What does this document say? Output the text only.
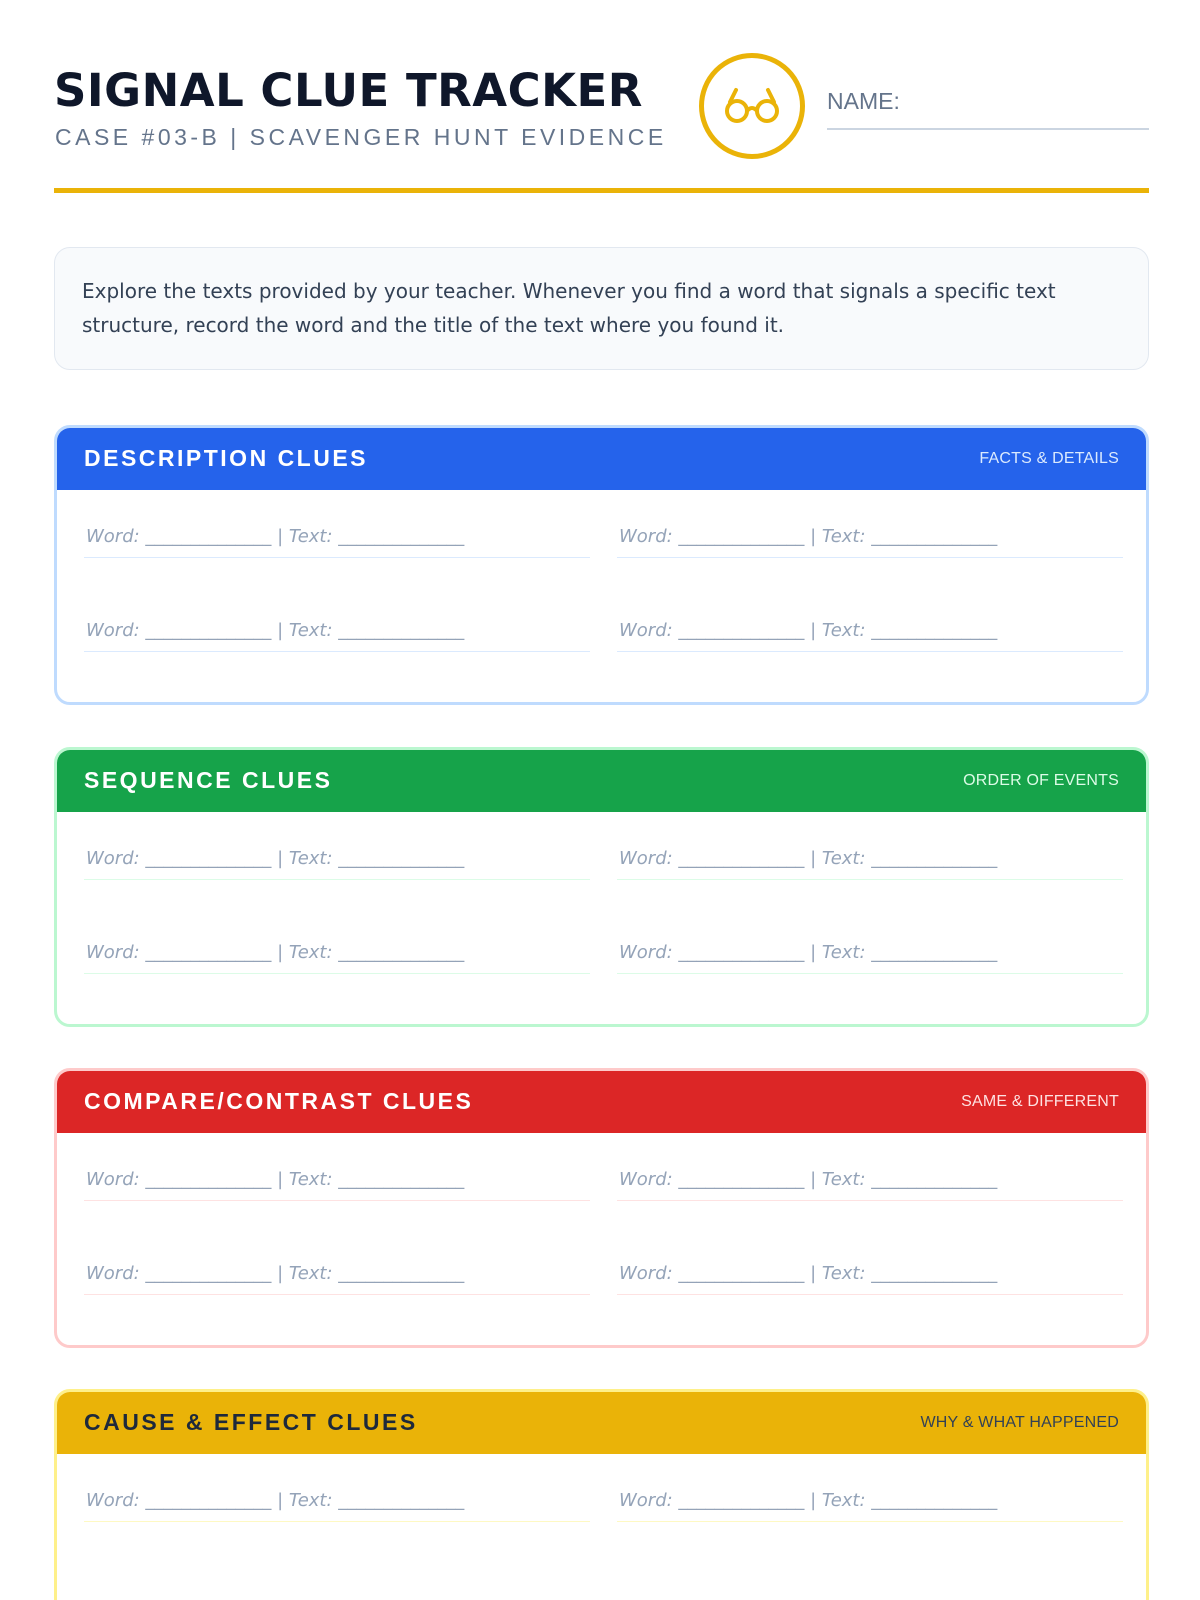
SIGNAL CLUE TRACKER
CASE #03-B | SCAVENGER HUNT EVIDENCE
NAME:

Explore the texts provided by your teacher. Whenever you find a word that signals a specific text structure, record the word and the title of the text where you found it.

DESCRIPTION CLUES	FACTS & DETAILS
Word: ______________ | Text: ______________	Word: ______________ | Text: ______________
Word: ______________ | Text: ______________	Word: ______________ | Text: ______________
SEQUENCE CLUES	ORDER OF EVENTS
Word: ______________ | Text: ______________	Word: ______________ | Text: ______________
Word: ______________ | Text: ______________	Word: ______________ | Text: ______________
COMPARE/CONTRAST CLUES	SAME & DIFFERENT
Word: ______________ | Text: ______________	Word: ______________ | Text: ______________
Word: ______________ | Text: ______________	Word: ______________ | Text: ______________
CAUSE & EFFECT CLUES	WHY & WHAT HAPPENED
Word: ______________ | Text: ______________	Word: ______________ | Text: ______________
